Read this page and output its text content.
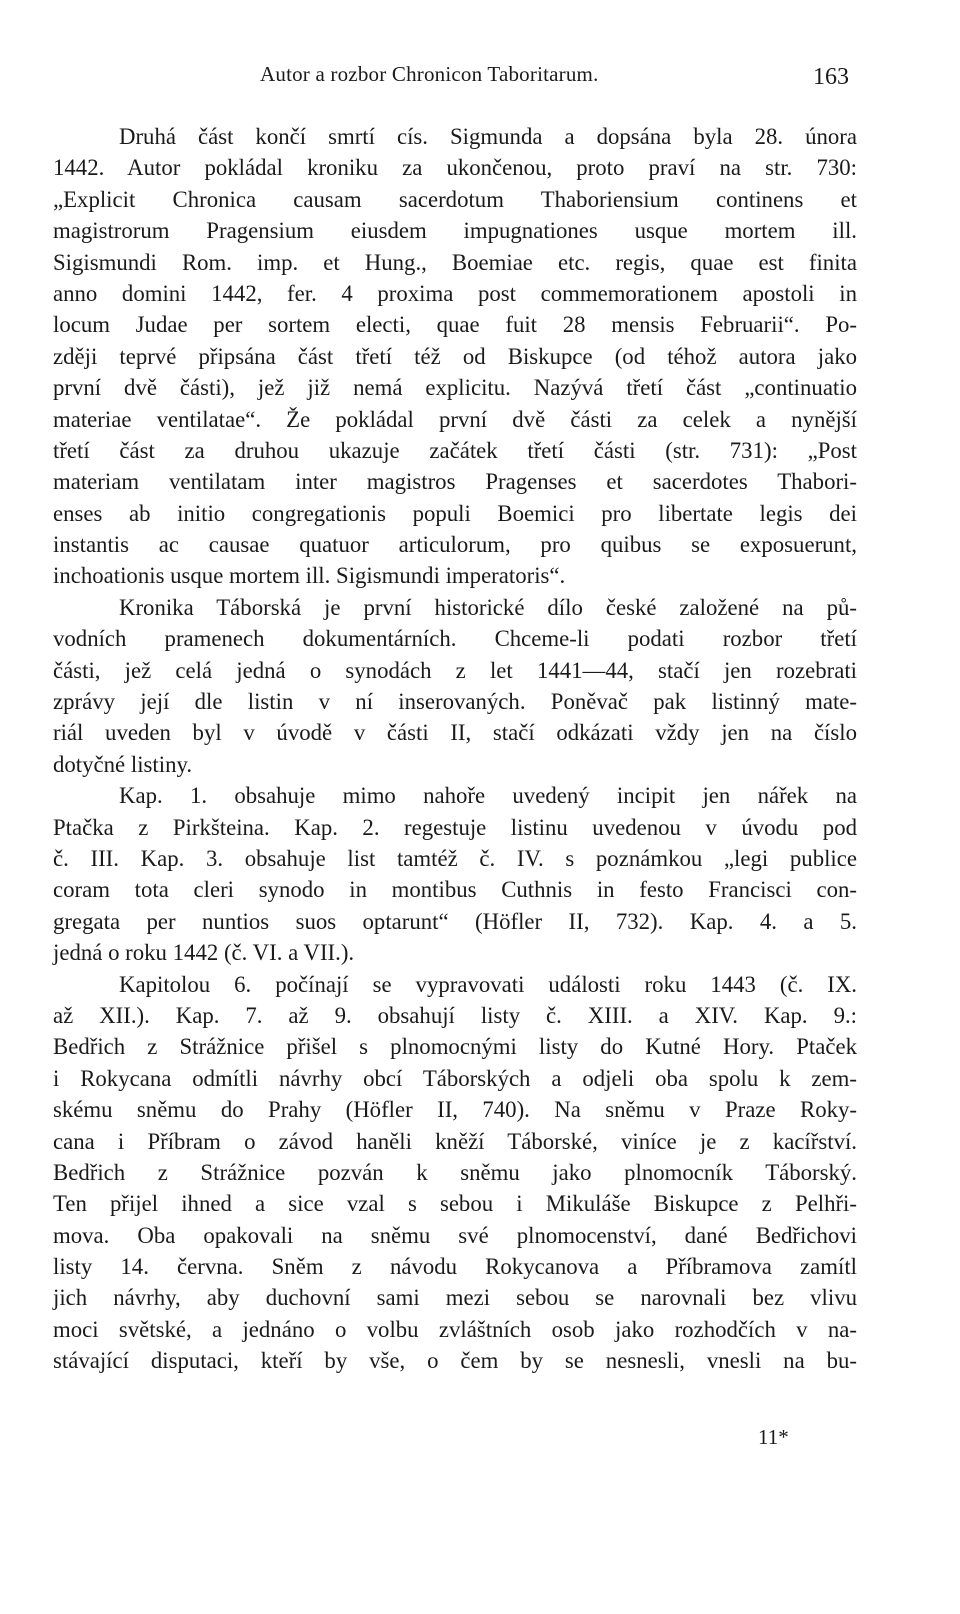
Autor a rozbor Chronicon Taboritarum.	163
Druhá část končí smrtí cís. Sigmunda a dopsána byla 28. února
1442. Autor pokládal kroniku za ukončenou, proto praví na str. 730:
„Explicit Chronica causam sacerdotum Thaboriensium continens et
magistrorum Pragensium eiusdem impugnationes usque mortem ill.
Sigismundi Rom. imp. et Hung., Boemiae etc. regis, quae est finita
anno domini 1442, fer. 4 proxima post commemorationem apostoli in
locum Judae per sortem electi, quae fuit 28 mensis Februarii“. Po-
zději teprvé připsána část třetí též od Biskupce (od téhož autora jako
první dvě části), jež již nemá explicitu. Nazývá třetí část „continuatio
materiae ventilatae“. Že pokládal první dvě části za celek a nynější
třetí část za druhou ukazuje začátek třetí části (str. 731): „Post
materiam ventilatam inter magistros Pragenses et sacerdotes Thabori-
enses ab initio congregationis populi Boemici pro libertate legis dei
instantis ac causae quatuor articulorum, pro quibus se exposuerunt,
inchoationis usque mortem ill. Sigismundi imperatoris“.
Kronika Táborská je první historické dílo české založené na pů-
vodních pramenech dokumentárních. Chceme-li podati rozbor třetí
části, jež celá jedná o synodách z let 1441—44, stačí jen rozebrati
zprávy její dle listin v ní inserovaných. Poněvač pak listinný mate-
riál uveden byl v úvodě v části II, stačí odkázati vždy jen na číslo
dotyčné listiny.
Kap. 1. obsahuje mimo nahoře uvedený incipit jen nářek na
Ptačka z Pirkšteina. Kap. 2. regestuje listinu uvedenou v úvodu pod
č. III. Kap. 3. obsahuje list tamtéž č. IV. s poznámkou „legi publice
coram tota cleri synodo in montibus Cuthnis in festo Francisci con-
gregata per nuntios suos optarunt“ (Höfler II, 732). Kap. 4. a 5.
jedná o roku 1442 (č. VI. a VII.).
Kapitolou 6. počínají se vypravovati události roku 1443 (č. IX.
až XII.). Kap. 7. až 9. obsahují listy č. XIII. a XIV. Kap. 9.:
Bedřich z Strážnice přišel s plnomocnými listy do Kutné Hory. Ptaček
i Rokycana odmítli návrhy obcí Táborských a odjeli oba spolu k zem-
skému sněmu do Prahy (Höfler II, 740). Na sněmu v Praze Roky-
cana i Příbram o závod haněli kněží Táborské, viníce je z kacířství.
Bedřich z Strážnice pozván k sněmu jako plnomocník Táborský.
Ten přijel ihned a sice vzal s sebou i Mikuláše Biskupce z Pelhři-
mova. Oba opakovali na sněmu své plnomocenství, dané Bedřichovi
listy 14. června. Sněm z návodu Rokycanova a Příbramova zamítl
jich návrhy, aby duchovní sami mezi sebou se narovnali bez vlivu
moci světské, a jednáno o volbu zvláštních osob jako rozhodčích v na-
stávající disputaci, kteří by vše, o čem by se nesnesli, vnesli na bu-
11*
